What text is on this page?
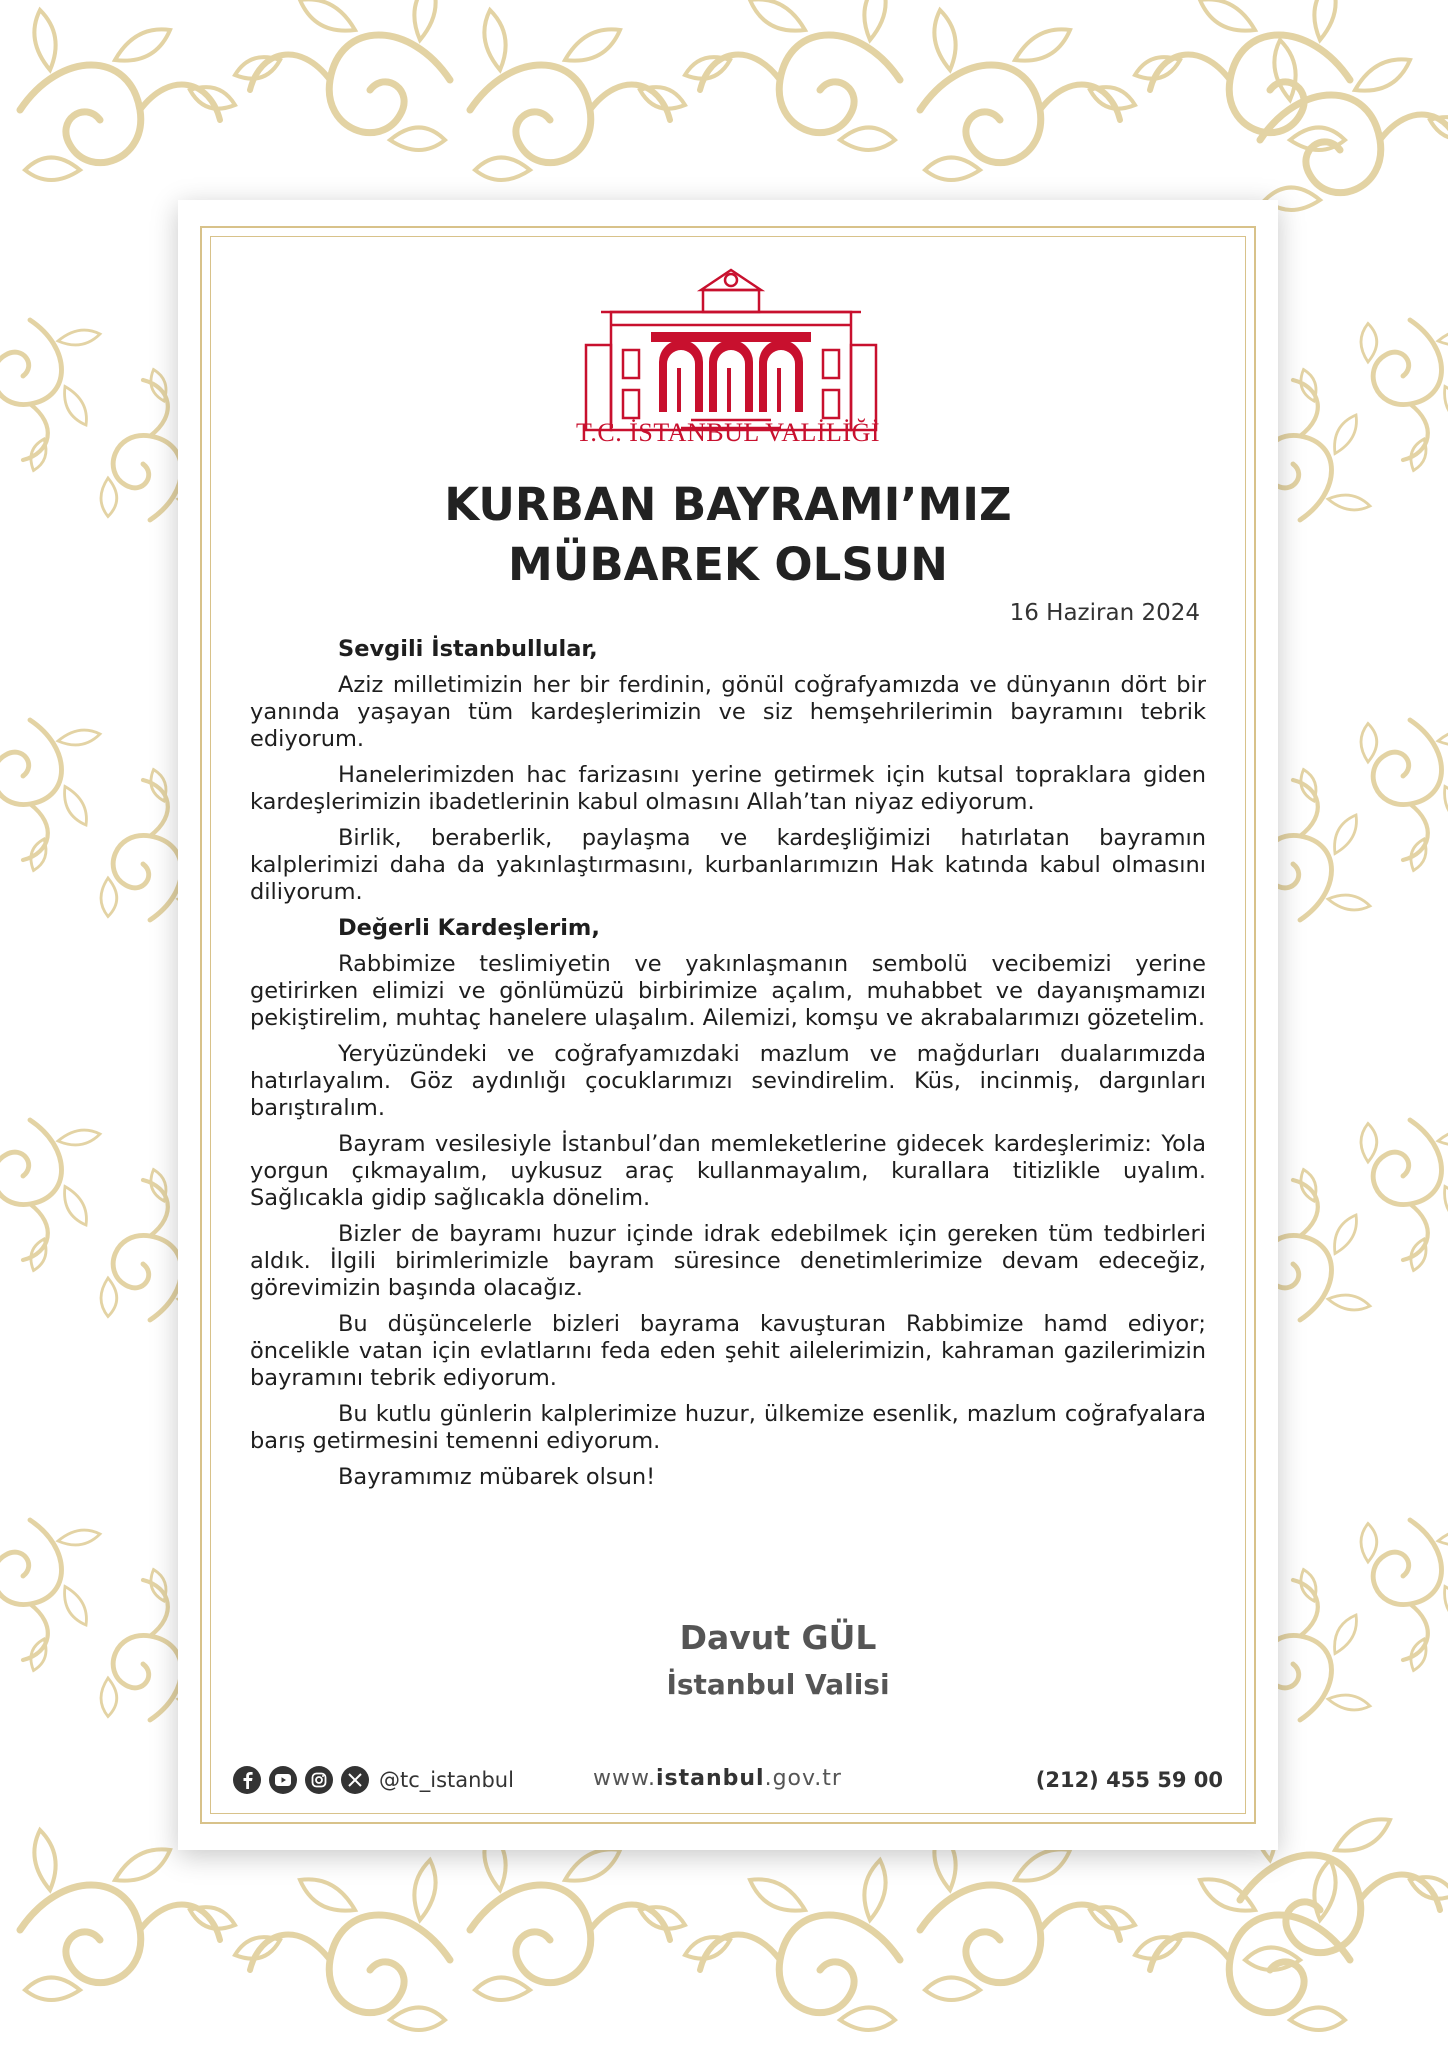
T.C. İSTANBUL VALİLİĞİ
KURBAN BAYRAMI’MIZ
MÜBAREK OLSUN
16 Haziran 2024

Sevgili İstanbullular,

Aziz milletimizin her bir ferdinin, gönül coğrafyamızda ve dünyanın dört bir yanında yaşayan tüm kardeşlerimizin ve siz hemşehrilerimin bayramını tebrik ediyorum.

Hanelerimizden hac farizasını yerine getirmek için kutsal topraklara giden kardeşlerimizin ibadetlerinin kabul olmasını Allah’tan niyaz ediyorum.

Birlik, beraberlik, paylaşma ve kardeşliğimizi hatırlatan bayramın kalplerimizi daha da yakınlaştırmasını, kurbanlarımızın Hak katında kabul olmasını diliyorum.

Değerli Kardeşlerim,

Rabbimize teslimiyetin ve yakınlaşmanın sembolü vecibemizi yerine getirirken elimizi ve gönlümüzü birbirimize açalım, muhabbet ve dayanışmamızı pekiştirelim, muhtaç hanelere ulaşalım. Ailemizi, komşu ve akrabalarımızı gözetelim.

Yeryüzündeki ve coğrafyamızdaki mazlum ve mağdurları dualarımızda hatırlayalım. Göz aydınlığı çocuklarımızı sevindirelim. Küs, incinmiş, dargınları barıştıralım.

Bayram vesilesiyle İstanbul’dan memleketlerine gidecek kardeşlerimiz: Yola yorgun çıkmayalım, uykusuz araç kullanmayalım, kurallara titizlikle uyalım. Sağlıcakla gidip sağlıcakla dönelim.

Bizler de bayramı huzur içinde idrak edebilmek için gereken tüm tedbirleri aldık. İlgili birimlerimizle bayram süresince denetimlerimize devam edeceğiz, görevimizin başında olacağız.

Bu düşüncelerle bizleri bayrama kavuşturan Rabbimize hamd ediyor; öncelikle vatan için evlatlarını feda eden şehit ailelerimizin, kahraman gazilerimizin bayramını tebrik ediyorum.

Bu kutlu günlerin kalplerimize huzur, ülkemize esenlik, mazlum coğrafyalara barış getirmesini temenni ediyorum.

Bayramımız mübarek olsun!

Davut GÜL
İstanbul Valisi
@tc_istanbul	www.istanbul.gov.tr	(212) 455 59 00
